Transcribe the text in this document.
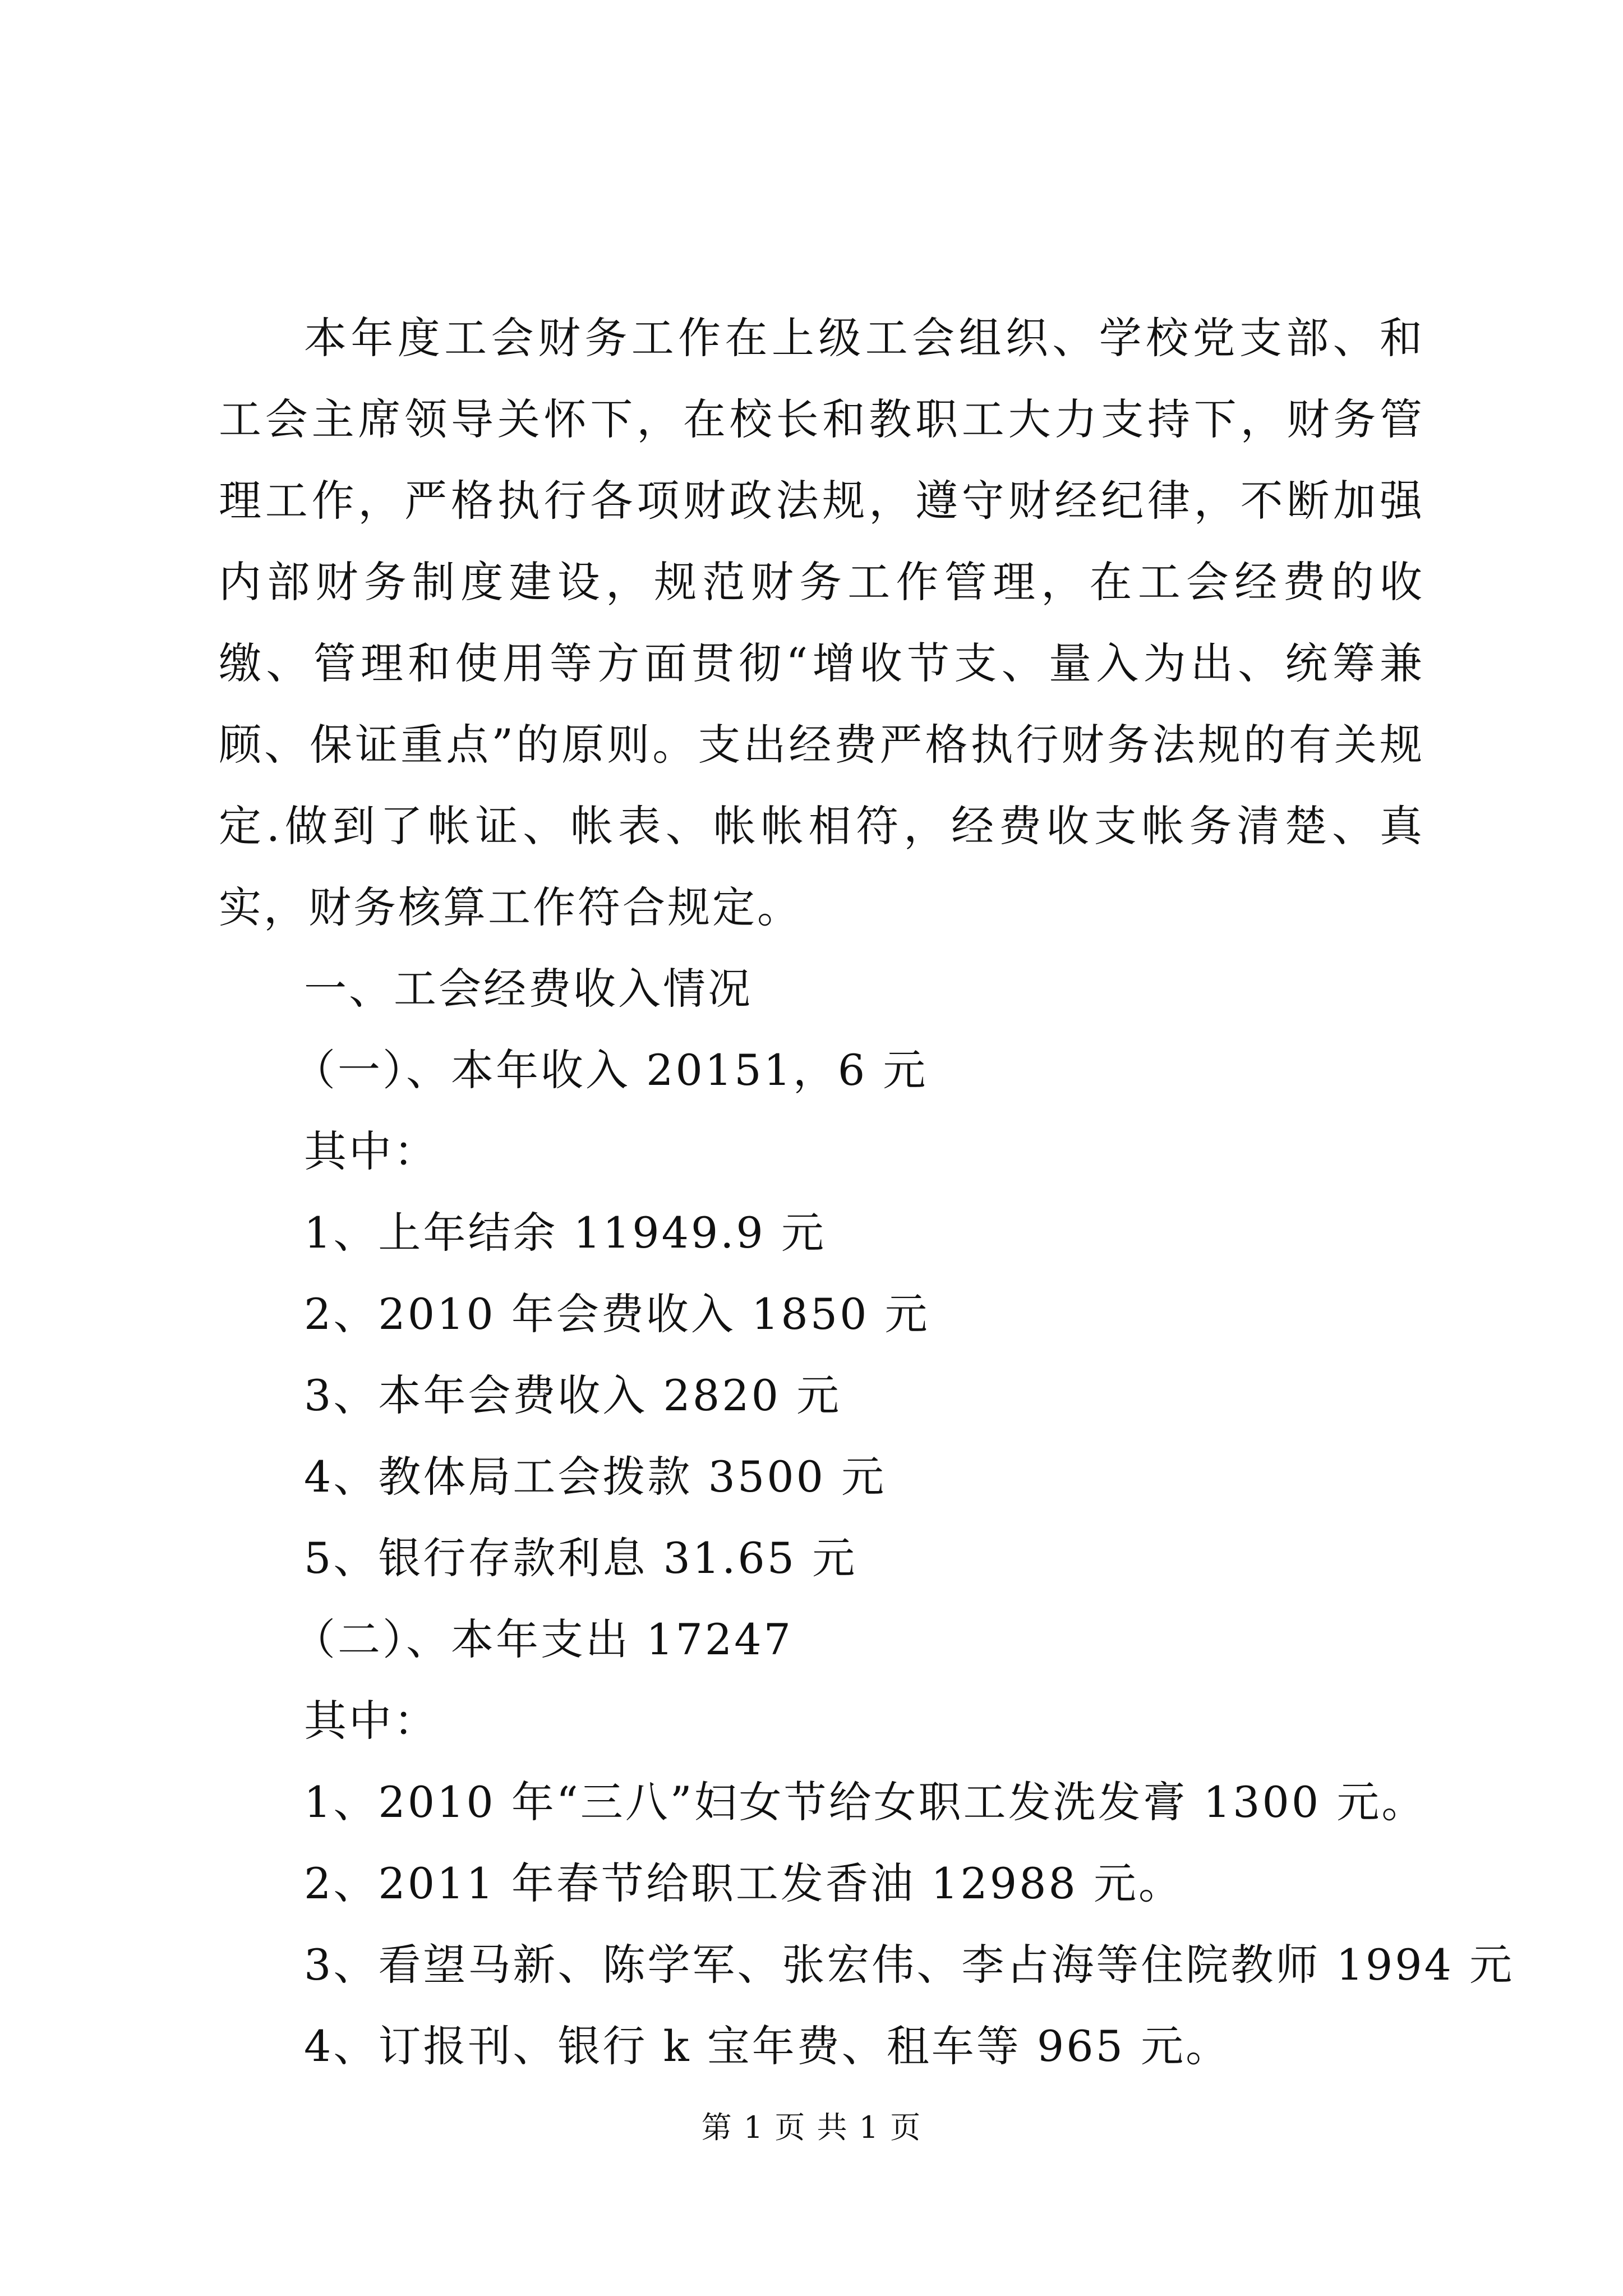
本年度工会财务工作在上级工会组织、学校党支部、和工会主席领导关怀下，在校长和教职工大力支持下，财务管理工作，严格执行各项财政法规，遵守财经纪律，不断加强内部财务制度建设，规范财务工作管理，在工会经费的收缴、管理和使用等方面贯彻“增收节支、量入为出、统筹兼顾、保证重点”的原则。支出经费严格执行财务法规的有关规定.做到了帐证、帐表、帐帐相符，经费收支帐务清楚、真实，财务核算工作符合规定。

一、工会经费收入情况
（一）、本年收入 20151，6 元
其中：
1、上年结余 11949.9 元
2、2010 年会费收入 1850 元
3、本年会费收入 2820 元
4、教体局工会拨款 3500 元
5、银行存款利息 31.65 元
（二）、本年支出 17247
其中：
1、2010 年“三八”妇女节给女职工发洗发膏 1300 元。
2、2011 年春节给职工发香油 12988 元。
3、看望马新、陈学军、张宏伟、李占海等住院教师 1994 元
4、订报刊、银行 k 宝年费、租车等 965 元。
第 1 页 共 1 页
